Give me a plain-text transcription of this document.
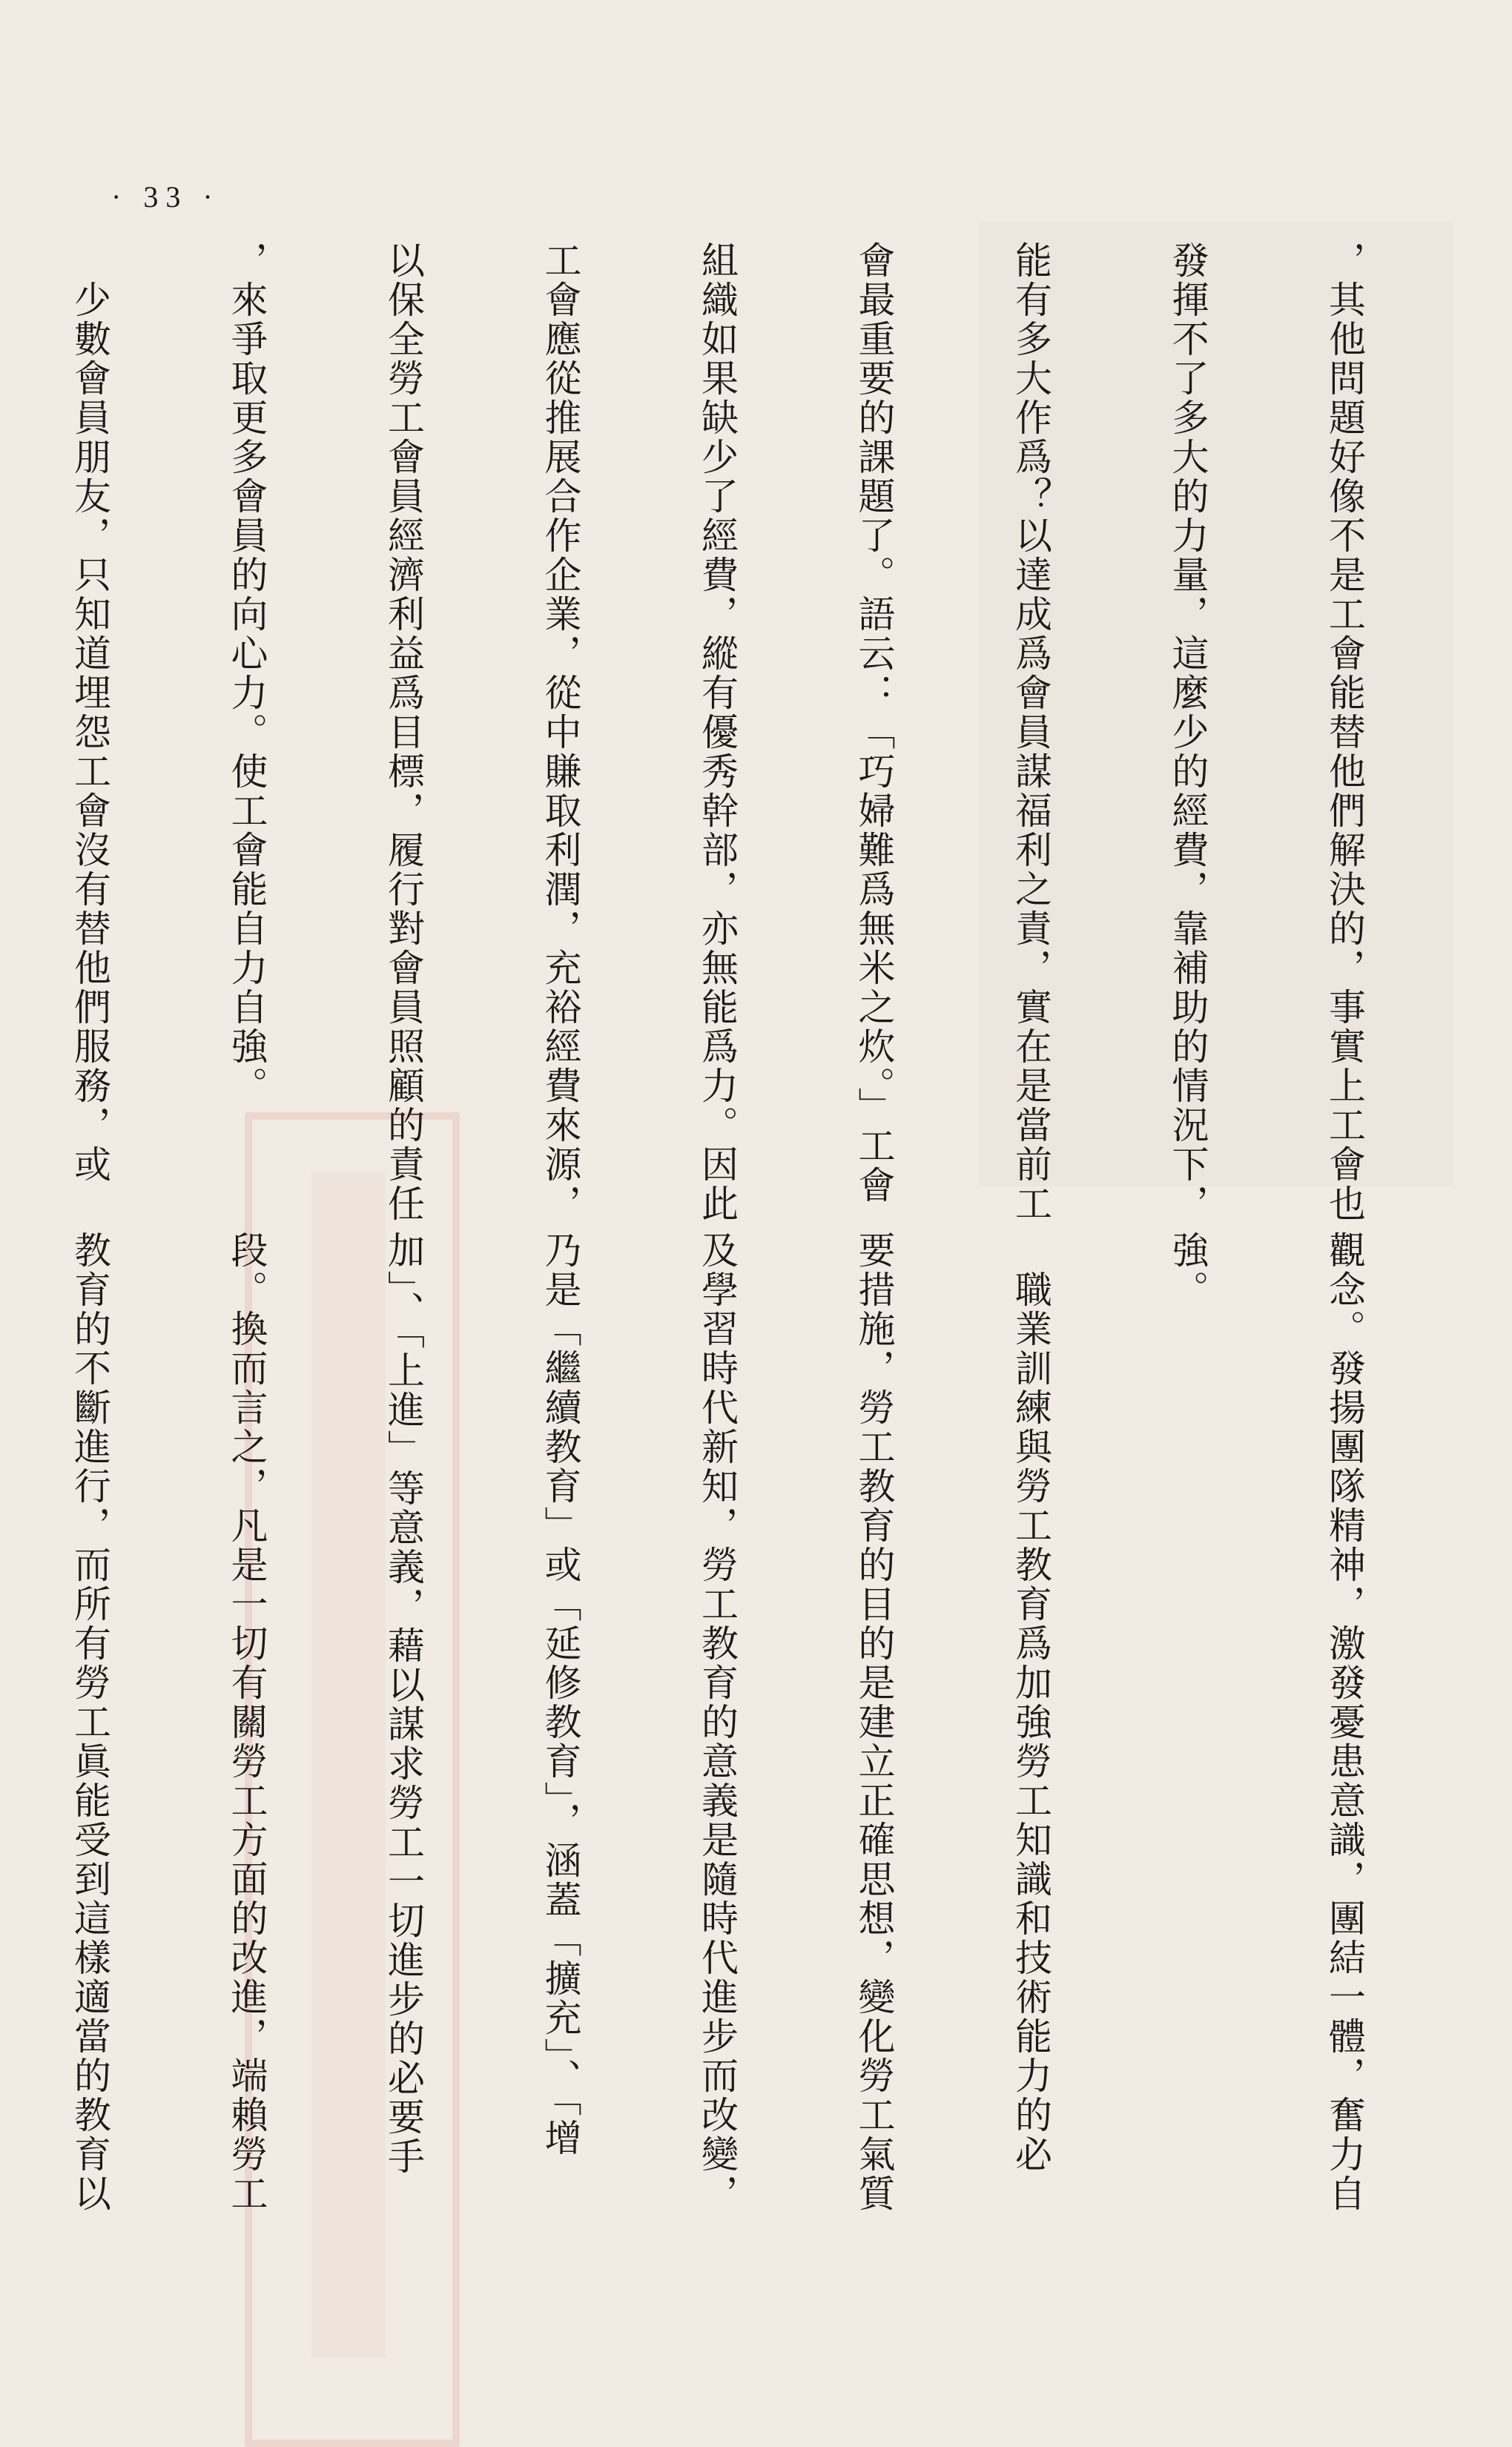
· 33 ·

，其他問題好像不是工會能替他們解決的，事實上工會也

發揮不了多大的力量，這麼少的經費，靠補助的情況下，

能有多大作爲？以達成爲會員謀福利之責，實在是當前工

會最重要的課題了。語云：「巧婦難爲無米之炊。」工會

組織如果缺少了經費，縱有優秀幹部，亦無能爲力。因此

工會應從推展合作企業，從中賺取利潤，充裕經費來源，

以保全勞工會員經濟利益爲目標，履行對會員照顧的責任

，來爭取更多會員的向心力。使工會能自力自強。

　少數會員朋友，只知道埋怨工會沒有替他們服務，或

觀念。發揚團隊精神，激發憂患意識，團結一體，奮力自

強。

　職業訓練與勞工教育爲加強勞工知識和技術能力的必

要措施，勞工教育的目的是建立正確思想，變化勞工氣質

及學習時代新知，勞工教育的意義是隨時代進步而改變，

乃是「繼續教育」或「延修教育」，涵蓋「擴充」、「增

加」、「上進」等意義，藉以謀求勞工一切進步的必要手

段。換而言之，凡是一切有關勞工方面的改進，端賴勞工

教育的不斷進行，而所有勞工眞能受到這樣適當的教育以
